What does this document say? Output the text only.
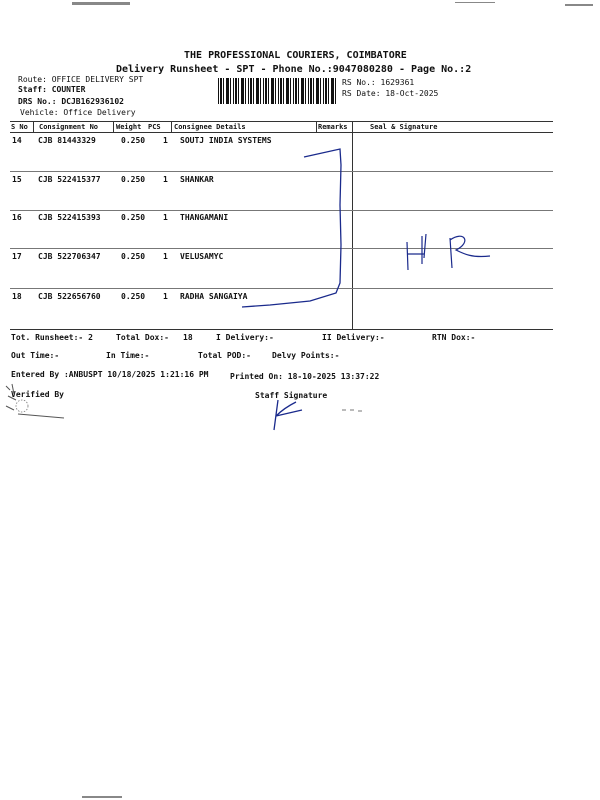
THE PROFESSIONAL COURIERS, COIMBATORE
Delivery Runsheet - SPT - Phone No.:9047080280 - Page No.:2
Route: OFFICE DELIVERY SPT
Staff: COUNTER
DRS No.: DCJB162936102
Vehicle: Office Delivery
RS No.: 1629361
RS Date: 18-Oct-2025
S No Consignment No	Weight PCS Consignee Details	Remarks	Seal & Signature
14 CJB 81443329	0.250 1 SOUTJ INDIA SYSTEMS
15 CJB 522415377	0.250 1 SHANKAR
16 CJB 522415393	0.250 1 THANGAMANI
17 CJB 522706347	0.250 1 VELUSAMYC
18 CJB 522656760	0.250 1 RADHA SANGAIYA
Tot. Runsheet:- 2	Total Dox:- 18	I Delivery:-	II Delivery:-	RTN Dox:-
Out Time:-	In Time:-	Total POD:-	Delvy Points:-
Entered By :ANBUSPT 10/18/2025 1:21:16 PM	Printed On: 18-10-2025 13:37:22
Verified By	Staff Signature
